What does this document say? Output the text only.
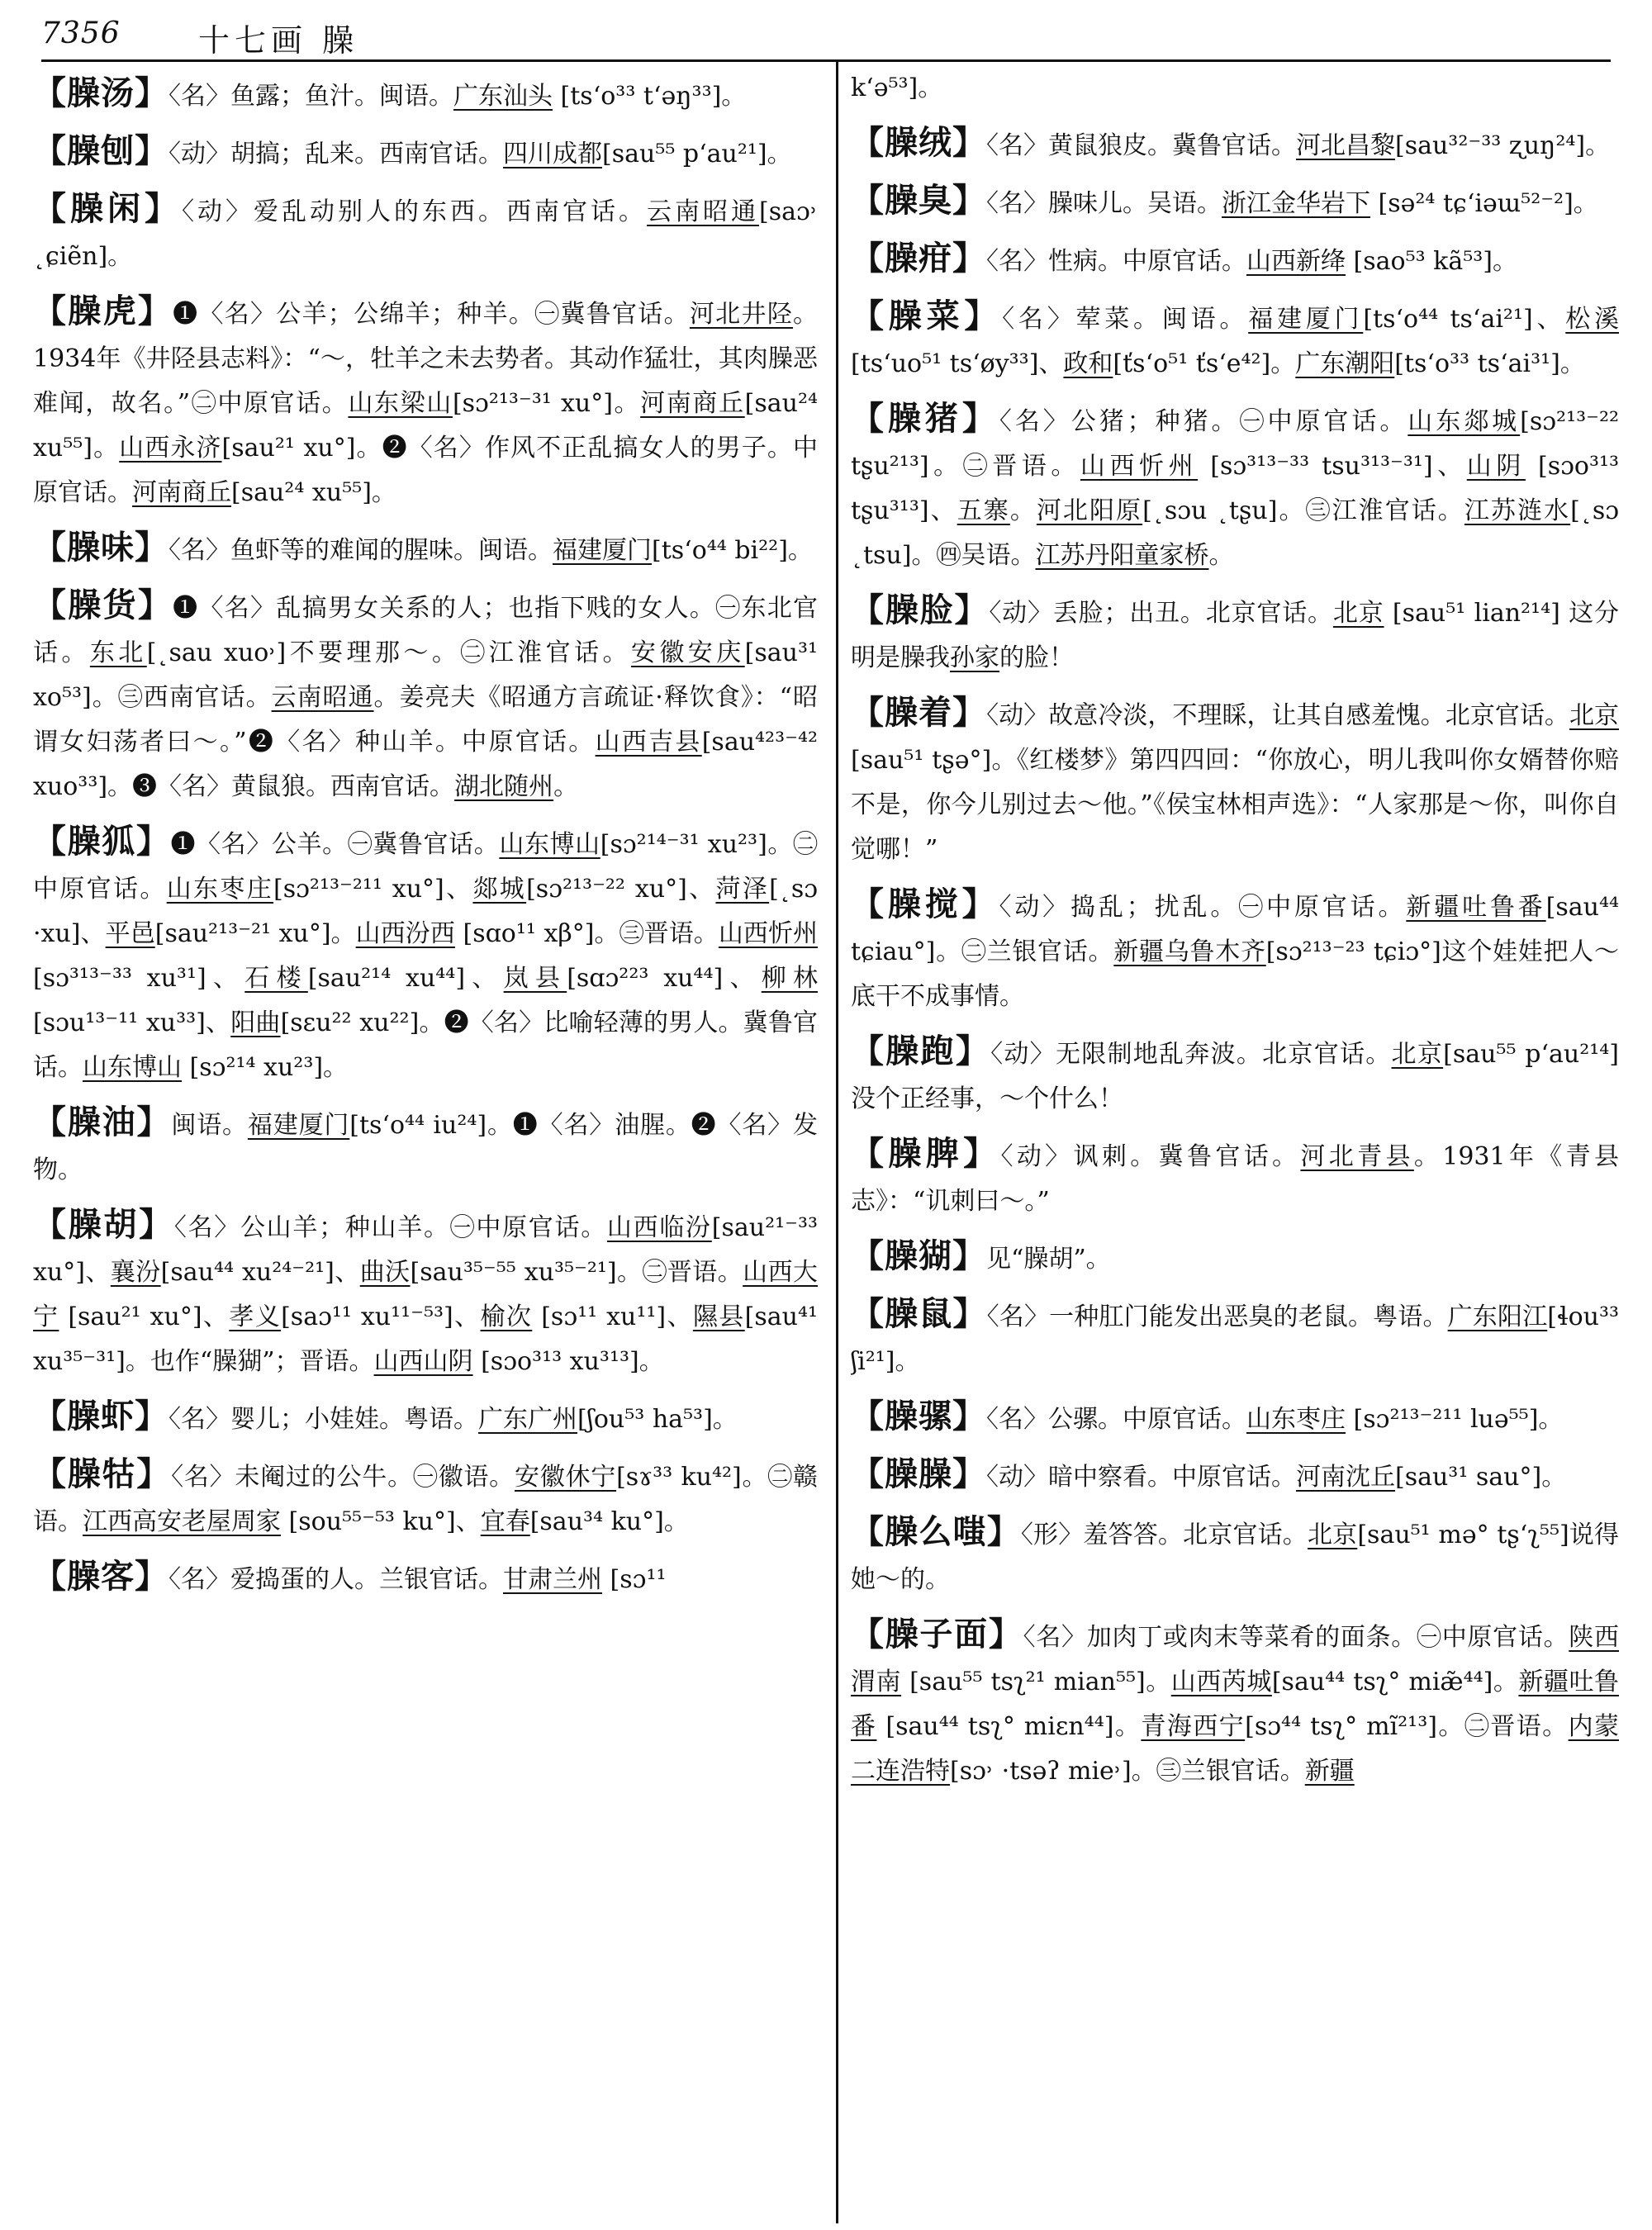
7356 十七画 臊
【臊汤】〈名〉鱼露；鱼汁。闽语。广东汕头 [tsʻo³³ tʻəŋ³³]。
【臊刨】〈动〉胡搞；乱来。西南官话。四川成都[sau⁵⁵ pʻau²¹]。
【臊闲】〈动〉爱乱动别人的东西。西南官话。云南昭通[saɔ˒ ˛ɕiẽn]。
【臊虎】❶〈名〉公羊；公绵羊；种羊。㊀冀鲁官话。河北井陉。1934年《井陉县志料》：“～，牡羊之未去势者。其动作猛壮，其肉臊恶难闻，故名。”㊁中原官话。山东梁山[sɔ²¹³⁻³¹ xu°]。河南商丘[sau²⁴ xu⁵⁵]。山西永济[sau²¹ xu°]。❷〈名〉作风不正乱搞女人的男子。中原官话。河南商丘[sau²⁴ xu⁵⁵]。
【臊味】〈名〉鱼虾等的难闻的腥味。闽语。福建厦门[tsʻo⁴⁴ bi²²]。
【臊货】❶〈名〉乱搞男女关系的人；也指下贱的女人。㊀东北官话。东北[˛sau xuo˒]不要理那～。㊁江淮官话。安徽安庆[sau³¹ xo⁵³]。㊂西南官话。云南昭通。姜亮夫《昭通方言疏证·释饮食》：“昭谓女妇荡者曰～。”❷〈名〉种山羊。中原官话。山西吉县[sau⁴²³⁻⁴² xuo³³]。❸〈名〉黄鼠狼。西南官话。湖北随州。
【臊狐】❶〈名〉公羊。㊀冀鲁官话。山东博山[sɔ²¹⁴⁻³¹ xu²³]。㊁中原官话。山东枣庄[sɔ²¹³⁻²¹¹ xu°]、郯城[sɔ²¹³⁻²² xu°]、菏泽[˛sɔ ·xu]、平邑[sau²¹³⁻²¹ xu°]。山西汾西 [sɑo¹¹ xβ°]。㊂晋语。山西忻州[sɔ³¹³⁻³³ xu³¹]、石楼[sau²¹⁴ xu⁴⁴]、岚县[sɑɔ²²³ xu⁴⁴]、柳林[sɔu¹³⁻¹¹ xu³³]、阳曲[sɛu²² xu²²]。❷〈名〉比喻轻薄的男人。冀鲁官话。山东博山 [sɔ²¹⁴ xu²³]。
【臊油】闽语。福建厦门[tsʻo⁴⁴ iu²⁴]。❶〈名〉油腥。❷〈名〉发物。
【臊胡】〈名〉公山羊；种山羊。㊀中原官话。山西临汾[sau²¹⁻³³ xu°]、襄汾[sau⁴⁴ xu²⁴⁻²¹]、曲沃[sau³⁵⁻⁵⁵ xu³⁵⁻²¹]。㊁晋语。山西大宁 [sau²¹ xu°]、孝义[saɔ¹¹ xu¹¹⁻⁵³]、榆次 [sɔ¹¹ xu¹¹]、隰县[sau⁴¹ xu³⁵⁻³¹]。也作“臊猢”；晋语。山西山阴 [sɔo³¹³ xu³¹³]。
【臊虾】〈名〉婴儿；小娃娃。粤语。广东广州[ʃou⁵³ ha⁵³]。
【臊牯】〈名〉未阉过的公牛。㊀徽语。安徽休宁[sɤ³³ ku⁴²]。㊁赣语。江西高安老屋周家 [sou⁵⁵⁻⁵³ ku°]、宜春[sau³⁴ ku°]。
【臊客】〈名〉爱捣蛋的人。兰银官话。甘肃兰州 [sɔ¹¹
kʻə⁵³]。
【臊绒】〈名〉黄鼠狼皮。冀鲁官话。河北昌黎[sau³²⁻³³ ʐuŋ²⁴]。
【臊臭】〈名〉臊味儿。吴语。浙江金华岩下 [sə²⁴ tɕʻiəɯ⁵²⁻²]。
【臊疳】〈名〉性病。中原官话。山西新绛 [sao⁵³ kã⁵³]。
【臊菜】〈名〉荤菜。闽语。福建厦门[tsʻo⁴⁴ tsʻai²¹]、松溪[tsʻuo⁵¹ tsʻøy³³]、政和[ťsʻo⁵¹ ťsʻe⁴²]。广东潮阳[tsʻo³³ tsʻai³¹]。
【臊猪】〈名〉公猪；种猪。㊀中原官话。山东郯城[sɔ²¹³⁻²² tʂu²¹³]。㊁晋语。山西忻州 [sɔ³¹³⁻³³ tsu³¹³⁻³¹]、山阴 [sɔo³¹³ tʂu³¹³]、五寨。河北阳原[˛sɔu ˛tʂu]。㊂江淮官话。江苏涟水[˛sɔ ˛tsu]。㊃吴语。江苏丹阳童家桥。
【臊脸】〈动〉丢脸；出丑。北京官话。北京 [sau⁵¹ lian²¹⁴] 这分明是臊我孙家的脸！
【臊着】〈动〉故意冷淡，不理睬，让其自感羞愧。北京官话。北京 [sau⁵¹ tʂə°]。《红楼梦》第四四回：“你放心，明儿我叫你女婿替你赔不是，你今儿别过去～他。”《侯宝林相声选》：“人家那是～你，叫你自觉哪！”
【臊搅】〈动〉捣乱；扰乱。㊀中原官话。新疆吐鲁番[sau⁴⁴ tɕiau°]。㊁兰银官话。新疆乌鲁木齐[sɔ²¹³⁻²³ tɕiɔ°]这个娃娃把人～底干不成事情。
【臊跑】〈动〉无限制地乱奔波。北京官话。北京[sau⁵⁵ pʻau²¹⁴]没个正经事，～个什么！
【臊脾】〈动〉讽刺。冀鲁官话。河北青县。1931年《青县志》：“讥刺曰～。”
【臊猢】见“臊胡”。
【臊鼠】〈名〉一种肛门能发出恶臭的老鼠。粤语。广东阳江[ɬou³³ ʃi²¹]。
【臊骡】〈名〉公骡。中原官话。山东枣庄 [sɔ²¹³⁻²¹¹ luə⁵⁵]。
【臊臊】〈动〉暗中察看。中原官话。河南沈丘[sau³¹ sau°]。
【臊么嗤】〈形〉羞答答。北京官话。北京[sau⁵¹ mə° tʂʻʅ⁵⁵]说得她～的。
【臊子面】〈名〉加肉丁或肉末等菜肴的面条。㊀中原官话。陕西渭南 [sau⁵⁵ tsʅ²¹ mian⁵⁵]。山西芮城[sau⁴⁴ tsʅ° miæ̃⁴⁴]。新疆吐鲁番 [sau⁴⁴ tsʅ° miɛn⁴⁴]。青海西宁[sɔ⁴⁴ tsʅ° mĩ²¹³]。㊁晋语。内蒙二连浩特[sɔ˒ ·tsəʔ mie˒]。㊂兰银官话。新疆
